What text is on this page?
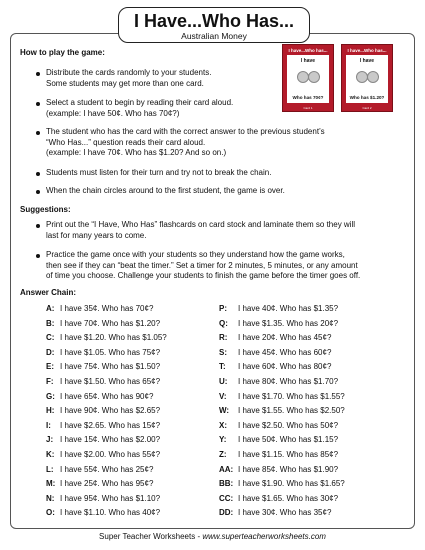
I Have...Who Has...
Australian Money
How to play the game:
Distribute the cards randomly to your students.
Some students may get more than one card.
Select a student to begin by reading their card aloud.
(example: I have 50¢. Who has 70¢?)
The student who has the card with the correct answer to the previous student’s
“Who Has...” question reads their card aloud.
(example: I have 70¢. Who has $1.20? And so on.)
Students must listen for their turn and try not to break the chain.
When the chain circles around to the first student, the game is over.
I have...Who has...
I have
Who has 70¢?
Card 1
I have...Who has...
I have
Who has $1.20?
Card 2
Suggestions:
Print out the “I Have, Who Has” flashcards on card stock and laminate them so they will
last for many years to come.
Practice the game once with your students so they understand how the game works,
then see if they can “beat the timer.” Set a timer for 2 minutes, 5 minutes, or any amount
of time you choose. Challenge your students to finish the game before the timer goes off.
Answer Chain:
A: I have 35¢. Who has 70¢?
B: I have 70¢. Who has $1.20?
C: I have $1.20. Who has $1.05?
D: I have $1.05. Who has 75¢?
E: I have 75¢. Who has $1.50?
F: I have $1.50. Who has 65¢?
G: I have 65¢. Who has 90¢?
H: I have 90¢. Who has $2.65?
I: I have $2.65. Who has 15¢?
J: I have 15¢. Who has $2.00?
K: I have $2.00. Who has 55¢?
L: I have 55¢. Who has 25¢?
M: I have 25¢. Who has 95¢?
N: I have 95¢. Who has $1.10?
O: I have $1.10. Who has 40¢?
P: I have 40¢. Who has $1.35?
Q: I have $1.35. Who has 20¢?
R: I have 20¢. Who has 45¢?
S: I have 45¢. Who has 60¢?
T: I have 60¢. Who has 80¢?
U: I have 80¢. Who has $1.70?
V: I have $1.70. Who has $1.55?
W: I have $1.55. Who has $2.50?
X: I have $2.50. Who has 50¢?
Y: I have 50¢. Who has $1.15?
Z: I have $1.15. Who has 85¢?
AA: I have 85¢. Who has $1.90?
BB: I have $1.90. Who has $1.65?
CC: I have $1.65. Who has 30¢?
DD: I have 30¢. Who has 35¢?
Super Teacher Worksheets - www.superteacherworksheets.com
